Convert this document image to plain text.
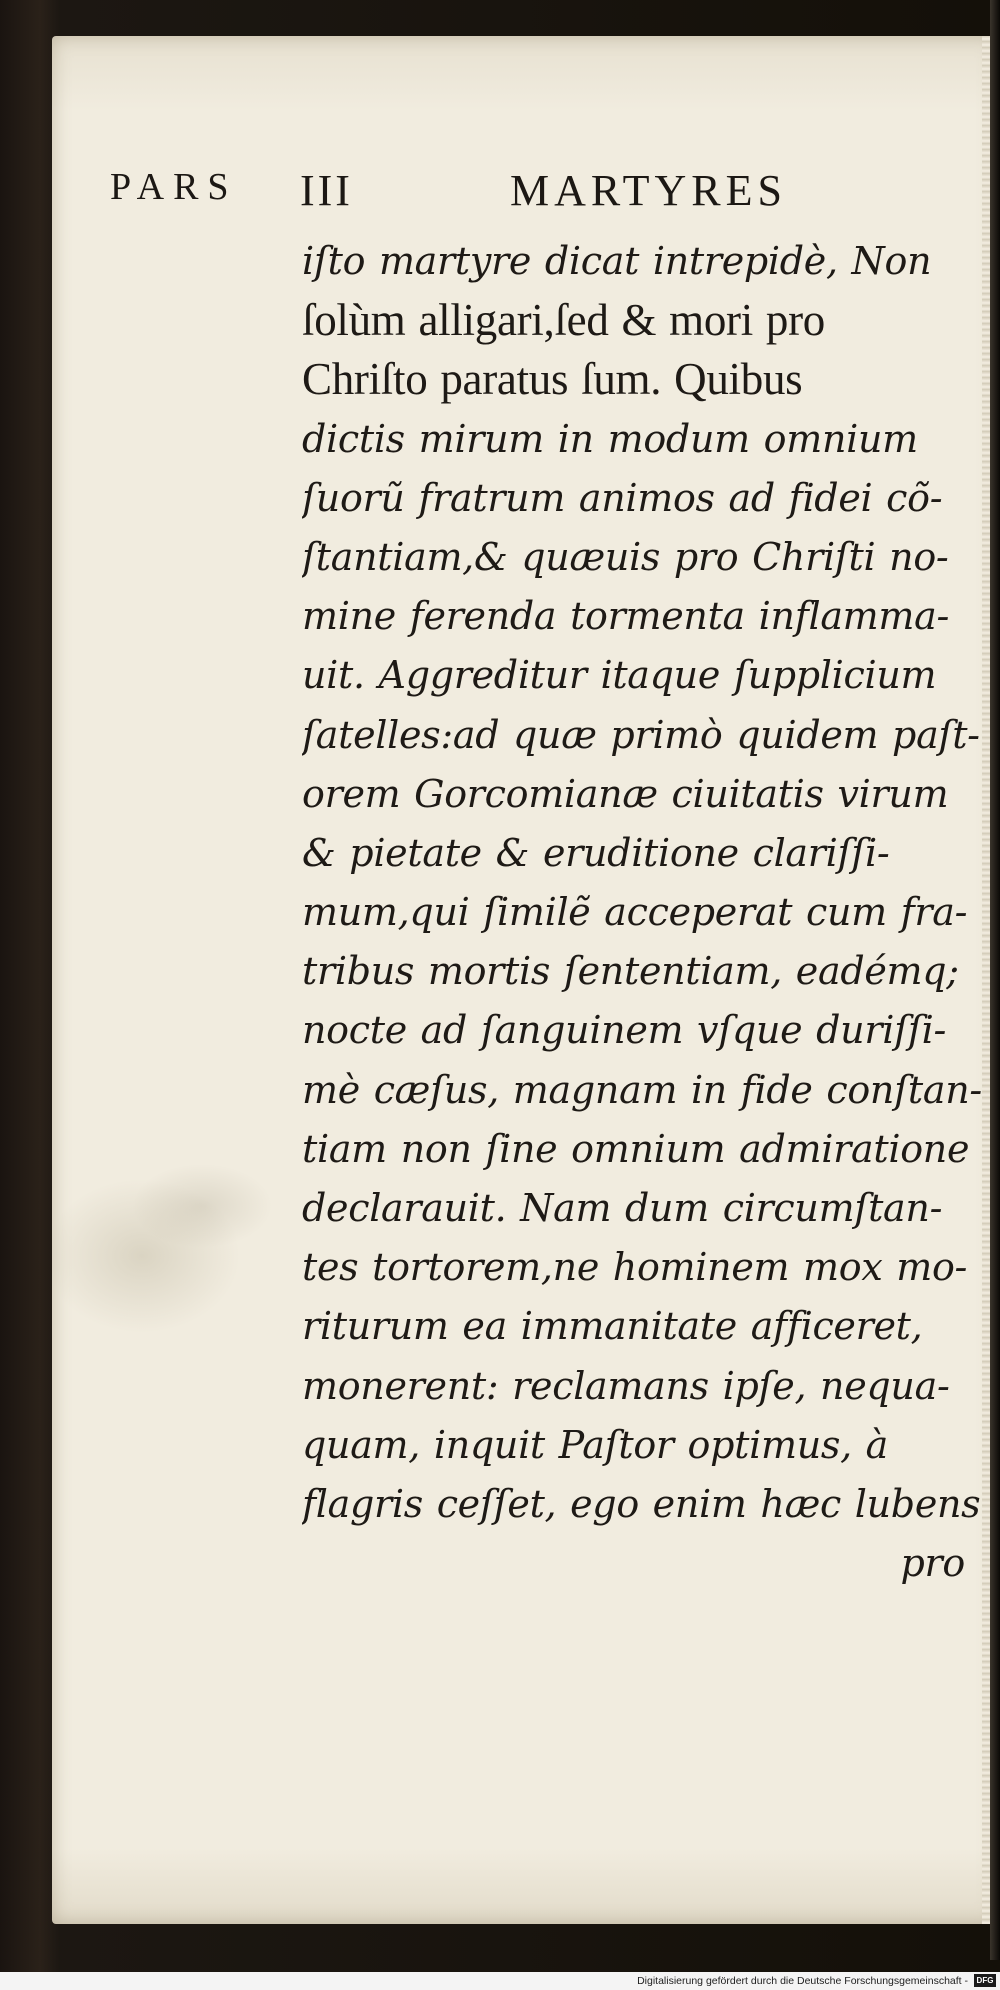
PARS III	MARTYRES
iſto martyre dicat intrepidè, Non
ſolùm alligari,ſed & mori pro
Chriſto paratus ſum. Quibus
dictis mirum in modum omnium
ſuorũ fratrum animos ad fidei cõ-
ſtantiam,& quæuis pro Chriſti no-
mine ferenda tormenta inflamma-
uit. Aggreditur itaque ſupplicium
ſatelles:ad quæ primò quidem paſt-
orem Gorcomianæ ciuitatis virum
& pietate & eruditione clariſſi-
mum,qui ſimilẽ acceperat cum fra-
tribus mortis ſententiam, eadémq;
nocte ad ſanguinem vſque duriſſi-
mè cæſus, magnam in fide conſtan-
tiam non ſine omnium admiratione
declarauit. Nam dum circumſtan-
tes tortorem,ne hominem mox mo-
riturum ea immanitate afficeret,
monerent: reclamans ipſe, nequa-
quam, inquit Paſtor optimus, à
flagris ceſſet, ego enim hæc lubens
pro
Digitalisierung gefördert durch die Deutsche Forschungsgemeinschaft -	DFG
